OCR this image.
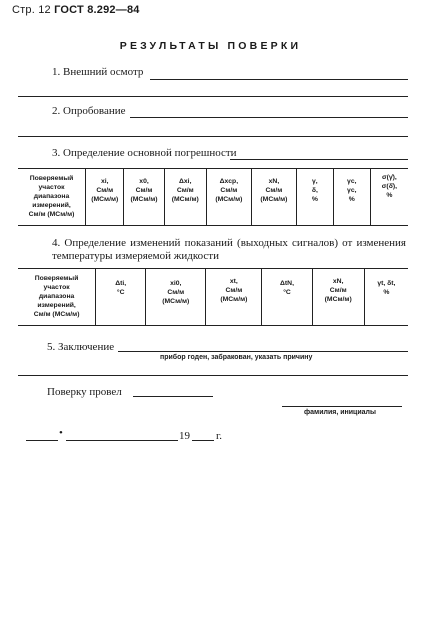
Стр. 12 ГОСТ 8.292—84
РЕЗУЛЬТАТЫ ПОВЕРКИ
1. Внешний осмотр
2. Опробование
3. Определение основной погрешности
Поверяемый
участок
диапазона
измерений,
См/м (МСм/м)

xi,
См/м
(МСм/м)

x0,
См/м
(МСм/м)

Δxi,
См/м
(МСм/м)

Δxср,
См/м
(МСм/м)

xN,
См/м
(МСм/м)

γ,
δ,
%

γc,
γc,
%

σ(γ̊),
σ(δ̊),
%
4. Определение изменений показаний (выходных сигналов) от изменения температуры измеряемой жидкости
Поверяемый
участок
диапазона
измерений,
См/м (МСм/м)

Δti,
°C

xi0,
См/м
(МСм/м)

xt,
См/м
(МСм/м)

ΔtN,
°C

xN,
См/м
(МСм/м)

γt, δt,
%
5. Заключение
прибор годен, забракован, указать причину
Поверку провел
фамилия, инициалы
•	19 г.
